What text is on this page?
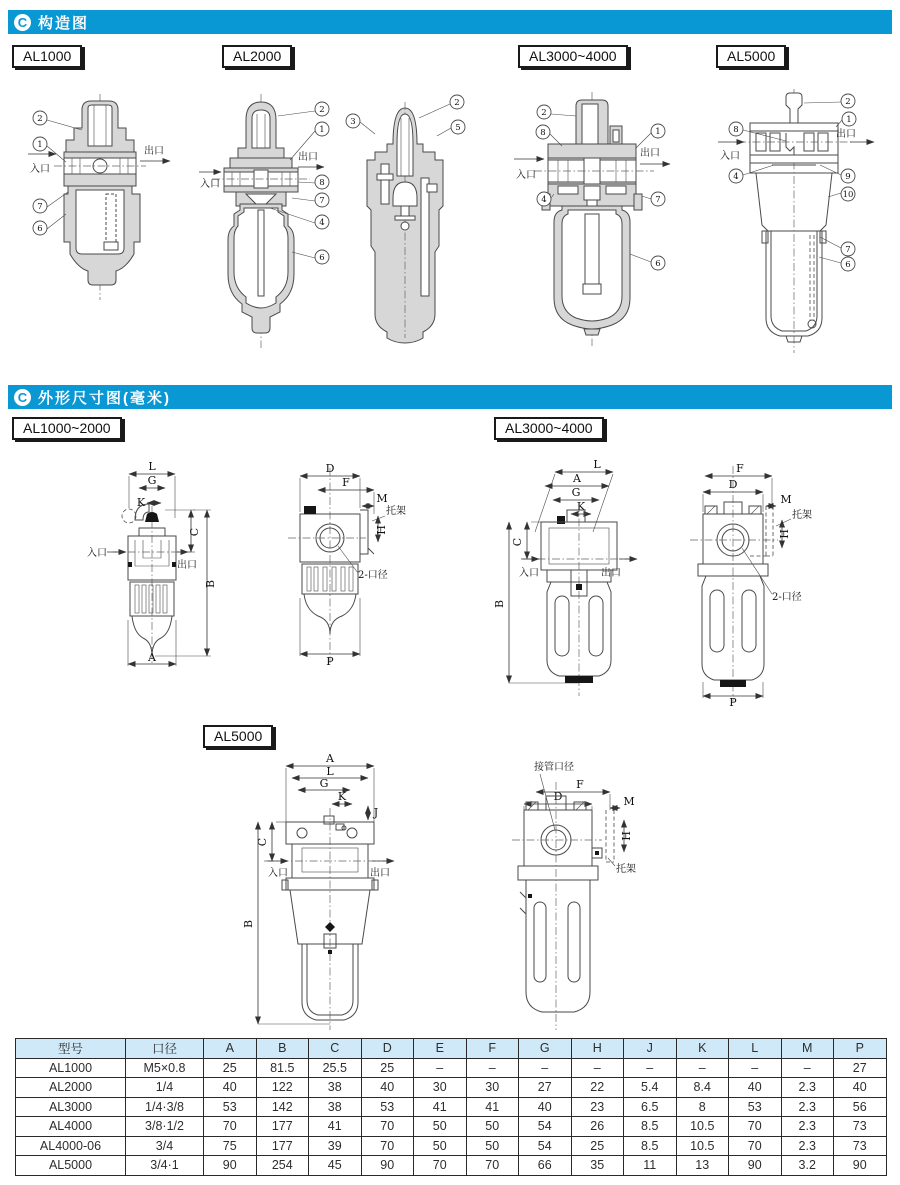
C 构造图
AL1000	AL2000	AL3000~4000	AL5000
2
1
7
6
入口
出口
2
1
8
7
4
6
入口
出口
3
2
5
2
8	1
4	7
6
入口
出口
2
1
8
4	9
10
7
6
入口
出口
C 外形尺寸图(毫米)
AL1000~2000	AL3000~4000
AL5000
L
G
K
C
B
A
入口
出口
D
F
M
托架
H
2-口径
P
L
A
G
K
C
B
入口	出口
F
D
M
托架
H
2-口径
P
A
L
G
K
J
C
B
入口	出口
接管口径
F
D	M
H
托架
型号	口径	A	B	C	D	E	F	G	H	J	K	L	M	P
AL1000	M5×0.8	25	81.5	25.5	25	–	–	–	–	–	–	–	–	27
AL2000	1/4	40	122	38	40	30	30	27	22	5.4	8.4	40	2.3	40
AL3000	1/4·3/8	53	142	38	53	41	41	40	23	6.5	8	53	2.3	56
AL4000	3/8·1/2	70	177	41	70	50	50	54	26	8.5	10.5	70	2.3	73
AL4000-06	3/4	75	177	39	70	50	50	54	25	8.5	10.5	70	2.3	73
AL5000	3/4·1	90	254	45	90	70	70	66	35	11	13	90	3.2	90
